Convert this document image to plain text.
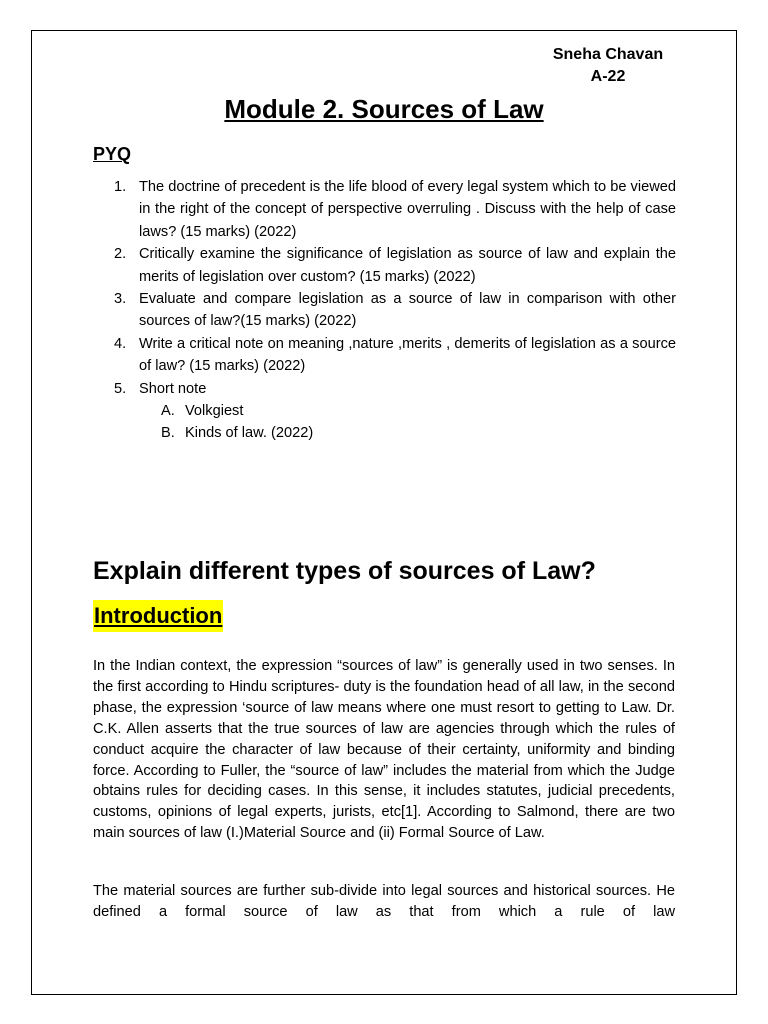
Sneha Chavan
A-22
Module 2. Sources of Law
PYQ
1. The doctrine of precedent is the life blood of every legal system which to be viewed in the right of the concept of perspective overruling . Discuss with the help of case laws? (15 marks) (2022)
2. Critically examine the significance of legislation as source of law and explain the merits of legislation over custom? (15 marks) (2022)
3. Evaluate and compare legislation as a source of law in comparison with other sources of law?(15 marks) (2022)
4. Write a critical note on meaning ,nature ,merits , demerits of legislation as a source of law? (15 marks) (2022)
5. Short note
A. Volkgiest
B. Kinds of law. (2022)
Explain different types of sources of Law?
Introduction

In the Indian context, the expression “sources of law” is generally used in two senses. In the first according to Hindu scriptures- duty is the foundation head of all law, in the second phase, the expression ‘source of law means where one must resort to getting to Law. Dr. C.K. Allen asserts that the true sources of law are agencies through which the rules of conduct acquire the character of law because of their certainty, uniformity and binding force. According to Fuller, the “source of law” includes the material from which the Judge obtains rules for deciding cases. In this sense, it includes statutes, judicial precedents, customs, opinions of legal experts, jurists, etc[1]. According to Salmond, there are two main sources of law (I.)Material Source and (ii) Formal Source of Law.

The material sources are further sub-divide into legal sources and historical sources. He defined a formal source of law as that from which a rule of law
